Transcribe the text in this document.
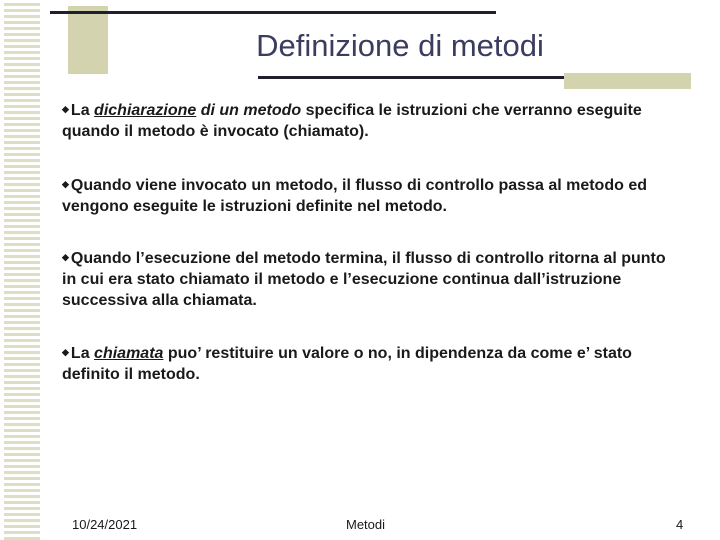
Definizione di metodi
◆ La dichiarazione di un metodo specifica le istruzioni che verranno eseguite quando il metodo è invocato (chiamato).
◆ Quando viene invocato un metodo, il flusso di controllo passa al metodo ed vengono eseguite le istruzioni definite nel metodo.
◆ Quando l’esecuzione del metodo termina, il flusso di controllo ritorna al punto in cui era stato chiamato il metodo e l’esecuzione continua dall’istruzione successiva alla chiamata.
◆ La chiamata puo’ restituire un valore o no, in dipendenza da come e’ stato definito il metodo.
10/24/2021	Metodi	4
